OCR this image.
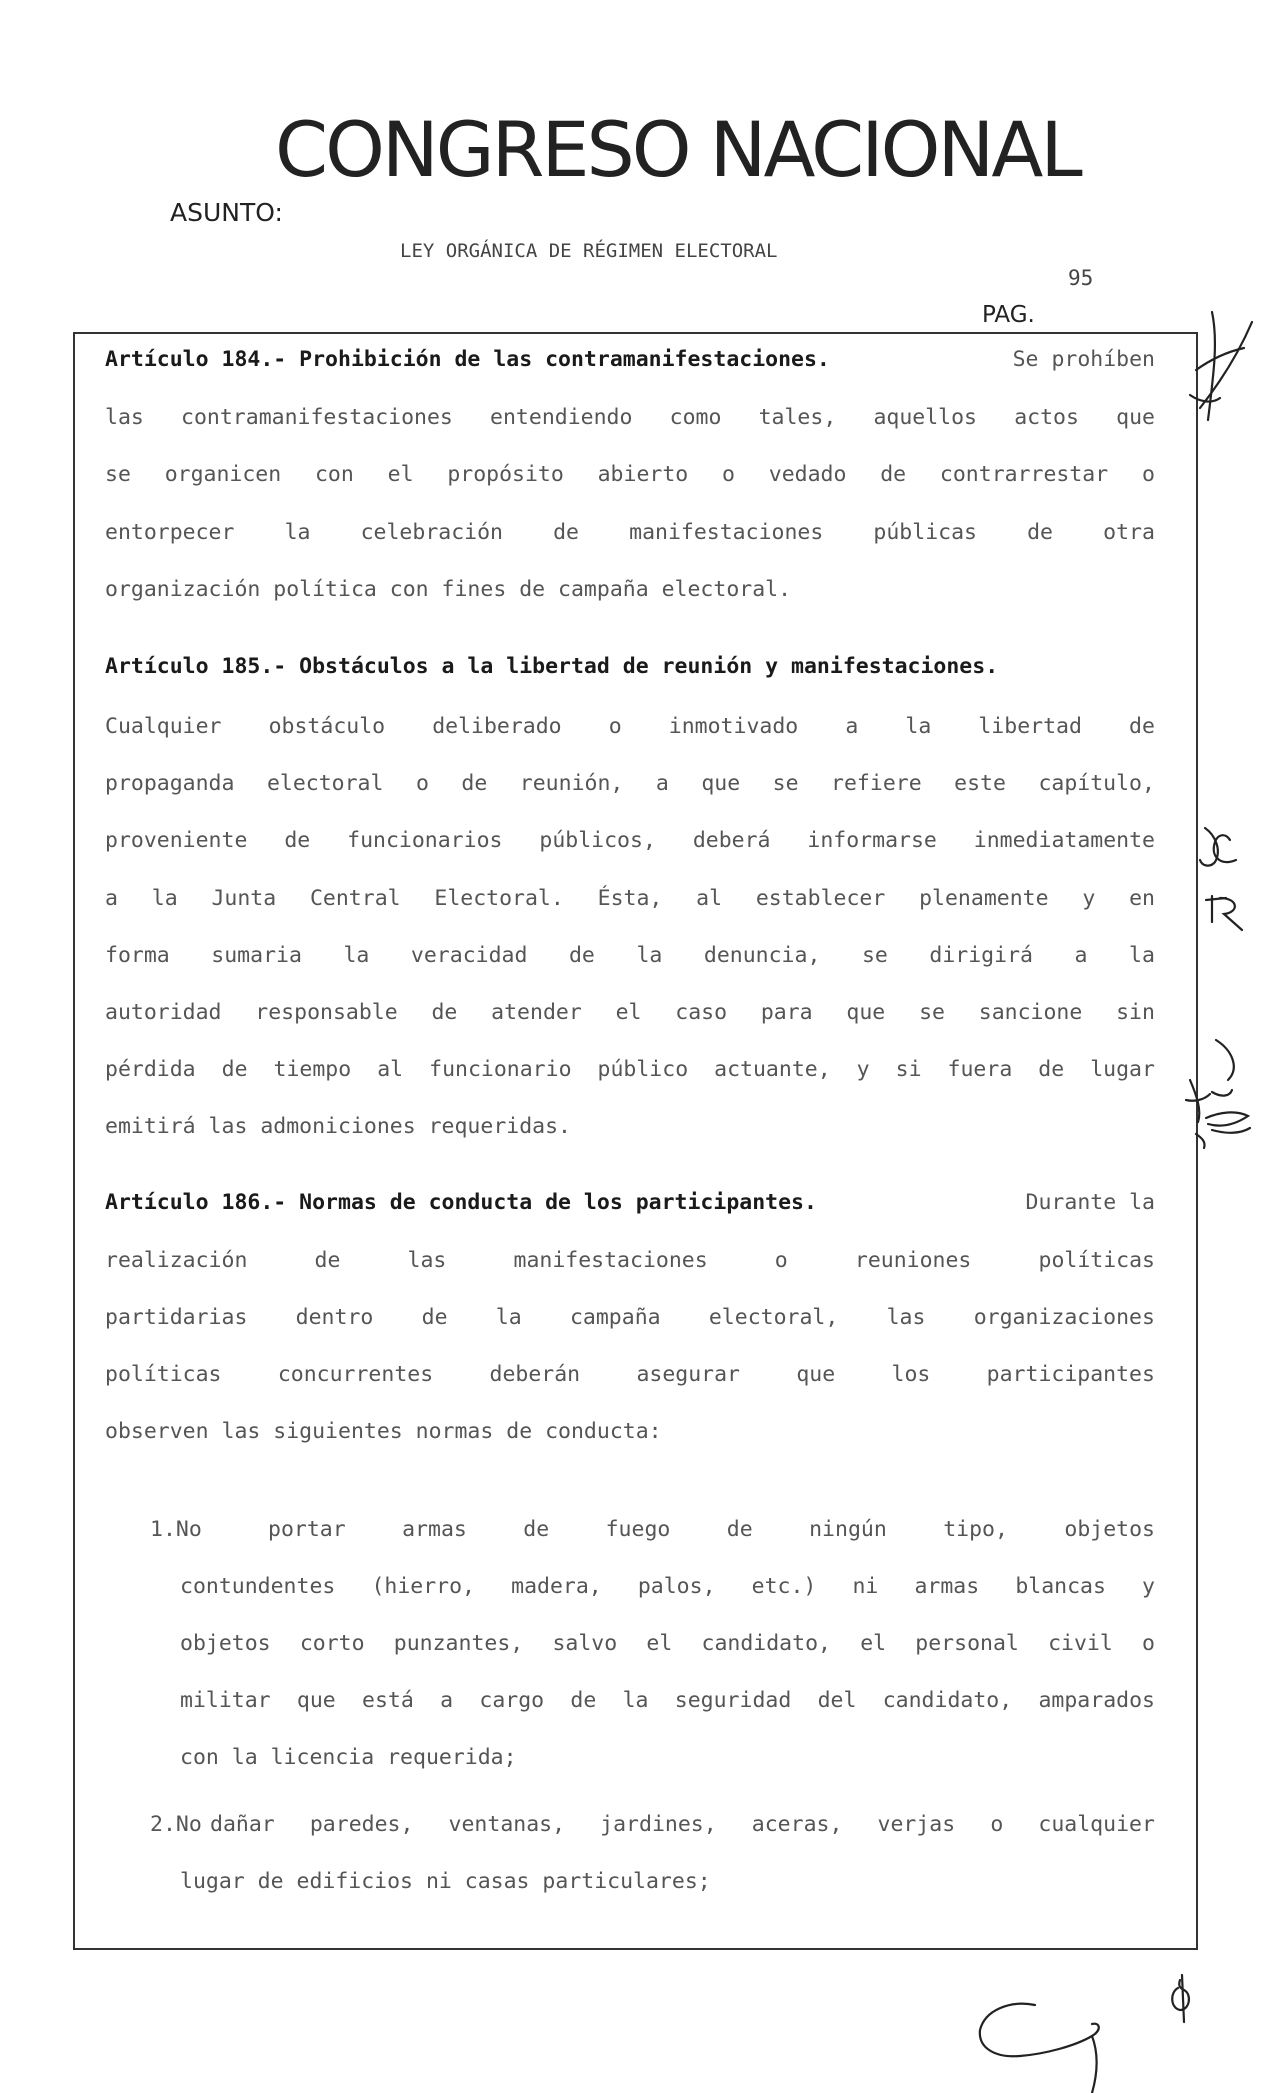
CONGRESO NACIONAL
ASUNTO:
LEY ORGÁNICA DE RÉGIMEN ELECTORAL
95
PAG.
Artículo 184.- Prohibición de las contramanifestaciones.	Se prohíben
las contramanifestaciones entendiendo como tales, aquellos actos que
se organicen con el propósito abierto o vedado de contrarrestar o
entorpecer la celebración de manifestaciones públicas de otra
organización política con fines de campaña electoral.
Artículo 185.- Obstáculos a la libertad de reunión y manifestaciones.
Cualquier obstáculo deliberado o inmotivado a la libertad de
propaganda electoral o de reunión, a que se refiere este capítulo,
proveniente de funcionarios públicos, deberá informarse inmediatamente
a la Junta Central Electoral. Ésta, al establecer plenamente y en
forma sumaria la veracidad de la denuncia, se dirigirá a la
autoridad responsable de atender el caso para que se sancione sin
pérdida de tiempo al funcionario público actuante, y si fuera de lugar
emitirá las admoniciones requeridas.
Artículo 186.- Normas de conducta de los participantes.	Durante la
realización	de	las	manifestaciones	o	reuniones	políticas
partidarias dentro de la campaña electoral, las organizaciones
políticas	concurrentes	deberán	asegurar	que	los	participantes
observen las siguientes normas de conducta:
1.No	portar	armas	de	fuego	de	ningún	tipo,	objetos
contundentes (hierro, madera, palos, etc.) ni armas blancas y
objetos corto punzantes, salvo el candidato, el personal civil o
militar que está a cargo de la seguridad del candidato, amparados
con la licencia requerida;
2.No dañar paredes, ventanas, jardines, aceras, verjas o cualquier
lugar de edificios ni casas particulares;
